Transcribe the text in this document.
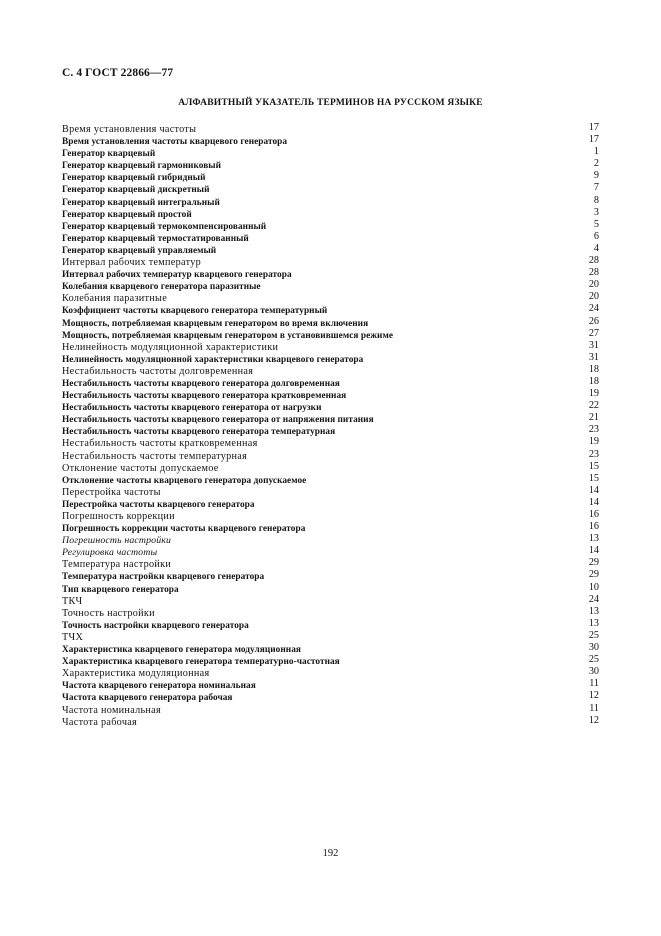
С. 4 ГОСТ 22866—77
АЛФАВИТНЫЙ УКАЗАТЕЛЬ ТЕРМИНОВ НА РУССКОМ ЯЗЫКЕ
Время установления частоты	17
Время установления частоты кварцевого генератора	17
Генератор кварцевый	1
Генератор кварцевый гармониковый	2
Генератор кварцевый гибридный	9
Генератор кварцевый дискретный	7
Генератор кварцевый интегральный	8
Генератор кварцевый простой	3
Генератор кварцевый термокомпенсированный	5
Генератор кварцевый термостатированный	6
Генератор кварцевый управляемый	4
Интервал рабочих температур	28
Интервал рабочих температур кварцевого генератора	28
Колебания кварцевого генератора паразитные	20
Колебания паразитные	20
Коэффициент частоты кварцевого генератора температурный	24
Мощность, потребляемая кварцевым генератором во время включения	26
Мощность, потребляемая кварцевым генератором в установившемся режиме	27
Нелинейность модуляционной характеристики	31
Нелинейность модуляционной характеристики кварцевого генератора	31
Нестабильность частоты долговременная	18
Нестабильность частоты кварцевого генератора долговременная	18
Нестабильность частоты кварцевого генератора кратковременная	19
Нестабильность частоты кварцевого генератора от нагрузки	22
Нестабильность частоты кварцевого генератора от напряжения питания	21
Нестабильность частоты кварцевого генератора температурная	23
Нестабильность частоты кратковременная	19
Нестабильность частоты температурная	23
Отклонение частоты допускаемое	15
Отклонение частоты кварцевого генератора допускаемое	15
Перестройка частоты	14
Перестройка частоты кварцевого генератора	14
Погрешность коррекции	16
Погрешность коррекции частоты кварцевого генератора	16
Погрешность настройки	13
Регулировка частоты	14
Температура настройки	29
Температура настройки кварцевого генератора	29
Тип кварцевого генератора	10
ТКЧ	24
Точность настройки	13
Точность настройки кварцевого генератора	13
ТЧХ	25
Характеристика кварцевого генератора модуляционная	30
Характеристика кварцевого генератора температурно-частотная	25
Характеристика модуляционная	30
Частота кварцевого генератора номинальная	11
Частота кварцевого генератора рабочая	12
Частота номинальная	11
Частота рабочая	12
192
